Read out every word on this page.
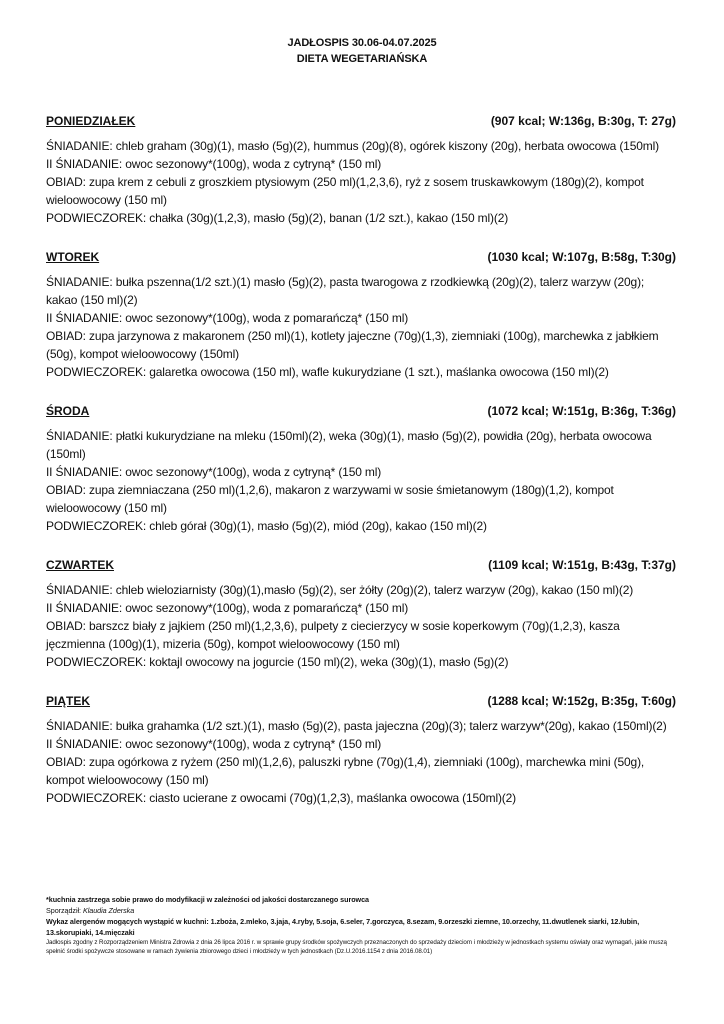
JADŁOSPIS 30.06-04.07.2025
DIETA WEGETARIAŃSKA
PONIEDZIAŁEK	(907 kcal; W:136g, B:30g, T: 27g)

ŚNIADANIE: chleb graham (30g)(1), masło (5g)(2), hummus (20g)(8), ogórek kiszony (20g), herbata owocowa (150ml)

II ŚNIADANIE: owoc sezonowy*(100g), woda z cytryną* (150 ml)

OBIAD: zupa krem z cebuli z groszkiem ptysiowym (250 ml)(1,2,3,6), ryż z sosem truskawkowym (180g)(2), kompot wieloowocowy (150 ml)

PODWIECZOREK: chałka (30g)(1,2,3), masło (5g)(2), banan (1/2 szt.), kakao (150 ml)(2)

WTOREK	(1030 kcal; W:107g, B:58g, T:30g)

ŚNIADANIE: bułka pszenna(1/2 szt.)(1) masło (5g)(2), pasta twarogowa z rzodkiewką (20g)(2), talerz warzyw (20g); kakao (150 ml)(2)

II ŚNIADANIE: owoc sezonowy*(100g), woda z pomarańczą* (150 ml)

OBIAD: zupa jarzynowa z makaronem (250 ml)(1), kotlety jajeczne (70g)(1,3), ziemniaki (100g), marchewka z jabłkiem (50g), kompot wieloowocowy (150ml)

PODWIECZOREK: galaretka owocowa (150 ml), wafle kukurydziane (1 szt.), maślanka owocowa (150 ml)(2)

ŚRODA	(1072 kcal; W:151g, B:36g, T:36g)

ŚNIADANIE: płatki kukurydziane na mleku (150ml)(2), weka (30g)(1), masło (5g)(2), powidła (20g), herbata owocowa (150ml)

II ŚNIADANIE: owoc sezonowy*(100g), woda z cytryną* (150 ml)

OBIAD: zupa ziemniaczana (250 ml)(1,2,6), makaron z warzywami w sosie śmietanowym (180g)(1,2), kompot wieloowocowy (150 ml)

PODWIECZOREK: chleb górał (30g)(1), masło (5g)(2), miód (20g), kakao (150 ml)(2)

CZWARTEK	(1109 kcal; W:151g, B:43g, T:37g)

ŚNIADANIE: chleb wieloziarnisty (30g)(1),masło (5g)(2), ser żółty (20g)(2), talerz warzyw (20g), kakao (150 ml)(2)

II ŚNIADANIE: owoc sezonowy*(100g), woda z pomarańczą* (150 ml)

OBIAD: barszcz biały z jajkiem (250 ml)(1,2,3,6), pulpety z ciecierzycy w sosie koperkowym (70g)(1,2,3), kasza jęczmienna (100g)(1), mizeria (50g), kompot wieloowocowy (150 ml)

PODWIECZOREK: koktajl owocowy na jogurcie (150 ml)(2), weka (30g)(1), masło (5g)(2)

PIĄTEK	(1288 kcal; W:152g, B:35g, T:60g)

ŚNIADANIE: bułka grahamka (1/2 szt.)(1), masło (5g)(2), pasta jajeczna (20g)(3); talerz warzyw*(20g), kakao (150ml)(2)

II ŚNIADANIE: owoc sezonowy*(100g), woda z cytryną* (150 ml)

OBIAD: zupa ogórkowa z ryżem (250 ml)(1,2,6), paluszki rybne (70g)(1,4), ziemniaki (100g), marchewka mini (50g), kompot wieloowocowy (150 ml)

PODWIECZOREK: ciasto ucierane z owocami (70g)(1,2,3), maślanka owocowa (150ml)(2)

*kuchnia zastrzega sobie prawo do modyfikacji w zależności od jakości dostarczanego surowca
Sporządził: Klaudia Zderska
Wykaz alergenów mogących wystąpić w kuchni: 1.zboża, 2.mleko, 3.jaja, 4.ryby, 5.soja, 6.seler, 7.gorczyca, 8.sezam, 9.orzeszki ziemne, 10.orzechy, 11.dwutlenek siarki, 12.łubin, 13.skorupiaki, 14.mięczaki
Jadłospis zgodny z Rozporządzeniem Ministra Zdrowia z dnia 26 lipca 2016 r. w sprawie grupy środków spożywczych przeznaczonych do sprzedaży dzieciom i młodzieży w jednostkach systemu oświaty oraz wymagań, jakie muszą spełnić środki spożywcze stosowane w ramach żywienia zbiorowego dzieci i młodzieży w tych jednostkach (Dz.U.2016.1154 z dnia 2016.08.01)
